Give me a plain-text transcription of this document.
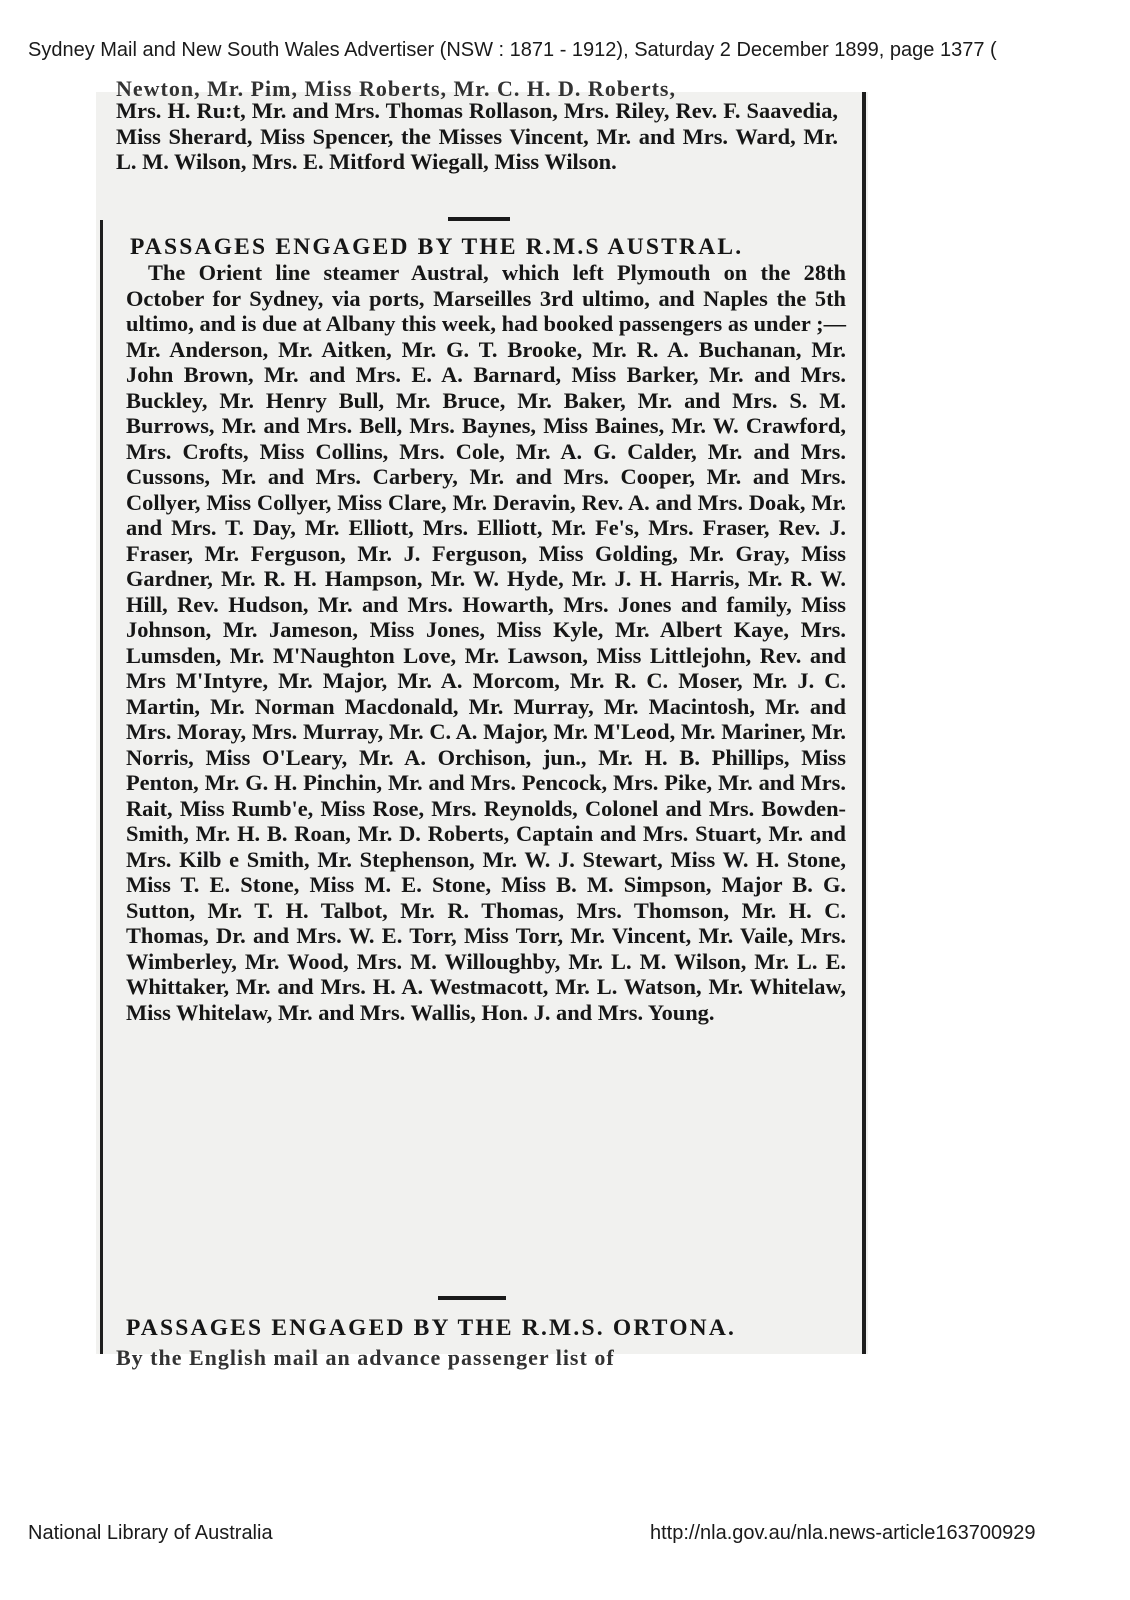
Sydney Mail and New South Wales Advertiser (NSW : 1871 - 1912), Saturday 2 December 1899, page 1377 (
Newton, Mr. Pim, Miss Roberts, Mr. C. H. D. Roberts,

Mrs. H. Ru:t, Mr. and Mrs. Thomas Rollason, Mrs. Riley, Rev. F. Saavedia, Miss Sherard, Miss Spencer, the Misses Vincent, Mr. and Mrs. Ward, Mr. L. M. Wilson, Mrs. E. Mitford Wiegall, Miss Wilson.

PASSAGES ENGAGED BY THE R.M.S AUSTRAL.

The Orient line steamer Austral, which left Plymouth on the 28th October for Sydney, via ports, Marseilles 3rd ultimo, and Naples the 5th ultimo, and is due at Albany this week, had booked passengers as under ;— Mr. Anderson, Mr. Aitken, Mr. G. T. Brooke, Mr. R. A. Buchanan, Mr. John Brown, Mr. and Mrs. E. A. Barnard, Miss Barker, Mr. and Mrs. Buckley, Mr. Henry Bull, Mr. Bruce, Mr. Baker, Mr. and Mrs. S. M. Burrows, Mr. and Mrs. Bell, Mrs. Baynes, Miss Baines, Mr. W. Crawford, Mrs. Crofts, Miss Collins, Mrs. Cole, Mr. A. G. Calder, Mr. and Mrs. Cussons, Mr. and Mrs. Carbery, Mr. and Mrs. Cooper, Mr. and Mrs. Collyer, Miss Collyer, Miss Clare, Mr. Deravin, Rev. A. and Mrs. Doak, Mr. and Mrs. T. Day, Mr. Elliott, Mrs. Elliott, Mr. Fe's, Mrs. Fraser, Rev. J. Fraser, Mr. Ferguson, Mr. J. Ferguson, Miss Golding, Mr. Gray, Miss Gardner, Mr. R. H. Hampson, Mr. W. Hyde, Mr. J. H. Harris, Mr. R. W. Hill, Rev. Hudson, Mr. and Mrs. Howarth, Mrs. Jones and family, Miss Johnson, Mr. Jameson, Miss Jones, Miss Kyle, Mr. Albert Kaye, Mrs. Lumsden, Mr. M'Naughton Love, Mr. Lawson, Miss Littlejohn, Rev. and Mrs M'Intyre, Mr. Major, Mr. A. Morcom, Mr. R. C. Moser, Mr. J. C. Martin, Mr. Norman Macdonald, Mr. Murray, Mr. Macintosh, Mr. and Mrs. Moray, Mrs. Murray, Mr. C. A. Major, Mr. M'Leod, Mr. Mariner, Mr. Norris, Miss O'Leary, Mr. A. Orchison, jun., Mr. H. B. Phillips, Miss Penton, Mr. G. H. Pinchin, Mr. and Mrs. Pencock, Mrs. Pike, Mr. and Mrs. Rait, Miss Rumb'e, Miss Rose, Mrs. Reynolds, Colonel and Mrs. Bowden-Smith, Mr. H. B. Roan, Mr. D. Roberts, Captain and Mrs. Stuart, Mr. and Mrs. Kilb e Smith, Mr. Stephenson, Mr. W. J. Stewart, Miss W. H. Stone, Miss T. E. Stone, Miss M. E. Stone, Miss B. M. Simpson, Major B. G. Sutton, Mr. T. H. Talbot, Mr. R. Thomas, Mrs. Thomson, Mr. H. C. Thomas, Dr. and Mrs. W. E. Torr, Miss Torr, Mr. Vincent, Mr. Vaile, Mrs. Wimberley, Mr. Wood, Mrs. M. Willoughby, Mr. L. M. Wilson, Mr. L. E. Whittaker, Mr. and Mrs. H. A. Westmacott, Mr. L. Watson, Mr. Whitelaw, Miss Whitelaw, Mr. and Mrs. Wallis, Hon. J. and Mrs. Young.

PASSAGES ENGAGED BY THE R.M.S. ORTONA.
By the English mail an advance passenger list of
National Library of Australia	http://nla.gov.au/nla.news-article163700929
